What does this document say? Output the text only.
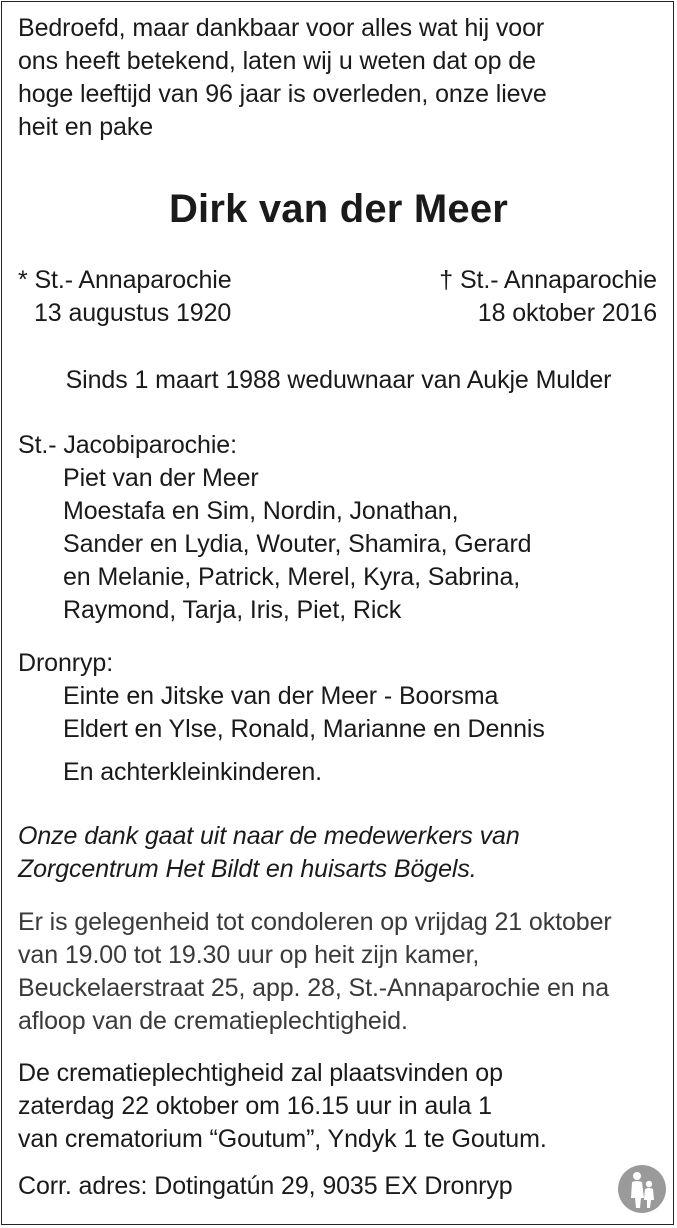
Bedroefd, maar dankbaar voor alles wat hij voor
ons heeft betekend, laten wij u weten dat op de
hoge leeftijd van 96 jaar is overleden, onze lieve
heit en pake
Dirk van der Meer
* St.- Annaparochie
13 augustus 1920
† St.- Annaparochie
18 oktober 2016
Sinds 1 maart 1988 weduwnaar van Aukje Mulder
St.- Jacobiparochie:
Piet van der Meer
Moestafa en Sim, Nordin, Jonathan,
Sander en Lydia, Wouter, Shamira, Gerard
en Melanie, Patrick, Merel, Kyra, Sabrina,
Raymond, Tarja, Iris, Piet, Rick
Dronryp:
Einte en Jitske van der Meer - Boorsma
Eldert en Ylse, Ronald, Marianne en Dennis
En achterkleinkinderen.
Onze dank gaat uit naar de medewerkers van
Zorgcentrum Het Bildt en huisarts Bögels.
Er is gelegenheid tot condoleren op vrijdag 21 oktober
van 19.00 tot 19.30 uur op heit zijn kamer,
Beuckelaerstraat 25, app. 28, St.-Annaparochie en na
afloop van de crematieplechtigheid.
De crematieplechtigheid zal plaatsvinden op
zaterdag 22 oktober om 16.15 uur in aula 1
van crematorium “Goutum”, Yndyk 1 te Goutum.
Corr. adres: Dotingatún 29, 9035 EX Dronryp
